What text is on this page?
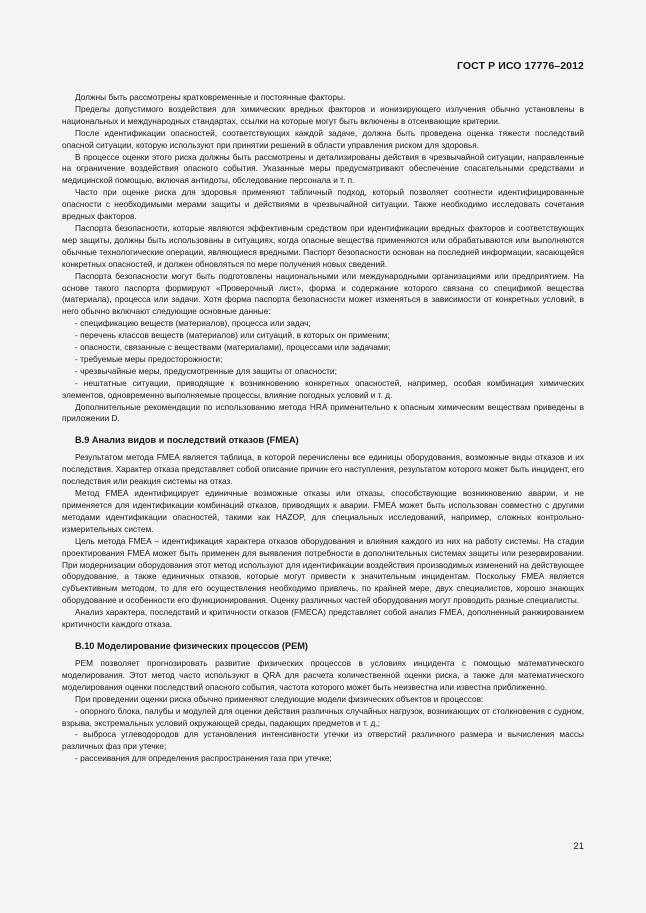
ГОСТ Р ИСО 17776–2012

Должны быть рассмотрены кратковременные и постоянные факторы.

Пределы допустимого воздействия для химических вредных факторов и ионизирующего излучения обычно установлены в национальных и международных стандартах, ссылки на которые могут быть включены в отсеивающие критерии.

После идентификации опасностей, соответствующих каждой задаче, должна быть проведена оценка тяжести последствий опасной ситуации, которую используют при принятии решений в области управления риском для здоровья.

В процессе оценки этого риска должны быть рассмотрены и детализированы действия в чрезвычайной ситуации, направленные на ограничение воздействия опасного события. Указанные меры предусматривают обеспечение спасательными средствами и медицинской помощью, включая антидоты, обследование персонала и т. п.

Часто при оценке риска для здоровья применяют табличный подход, который позволяет соотнести идентифицированные опасности с необходимыми мерами защиты и действиями в чрезвычайной ситуации. Также необходимо исследовать сочетания вредных факторов.

Паспорта безопасности, которые являются эффективным средством при идентификации вредных факторов и соответствующих мер защиты, должны быть использованы в ситуациях, когда опасные вещества применяются или обрабатываются или выполняются обычные технологические операции, являющиеся вредными. Паспорт безопасности основан на последней информации, касающейся конкретных опасностей, и должен обновляться по мере получения новых сведений.

Паспорта безопасности могут быть подготовлены национальными или международными организациями или предприятием. На основе такого паспорта формируют «Проверочный лист», форма и содержание которого связана со спецификой вещества (материала), процесса или задачи. Хотя форма паспорта безопасности может изменяться в зависимости от конкретных условий, в него обычно включают следующие основные данные:

- спецификацию веществ (материалов), процесса или задач;

- перечень классов веществ (материалов) или ситуаций, в которых он применим;

- опасности, связанные с веществами (материалами), процессами или задачами;

- требуемые меры предосторожности;

- чрезвычайные меры, предусмотренные для защиты от опасности;

- нештатные ситуации, приводящие к возникновению конкретных опасностей, например, особая комбинация химических элементов, одновременно выполняемые процессы, влияние погодных условий и т. д.

Дополнительные рекомендации по использованию метода HRA применительно к опасным химическим веществам приведены в приложении D.

B.9 Анализ видов и последствий отказов (FMEA)

Результатом метода FMEA является таблица, в которой перечислены все единицы оборудования, возможные виды отказов и их последствия. Характер отказа представляет собой описание причин его наступления, результатом которого может быть инцидент, его последствия или реакция системы на отказ.

Метод FMEA идентифицирует единичные возможные отказы или отказы, способствующие возникновению аварии, и не применяется для идентификации комбинаций отказов, приводящих к аварии. FMEA может быть использован совместно с другими методами идентификации опасностей, такими как HAZOP, для специальных исследований, например, сложных контрольно-измерительных систем.

Цель метода FMEA – идентификация характера отказов оборудования и влияния каждого из них на работу системы. На стадии проектирования FMEA может быть применен для выявления потребности в дополнительных системах защиты или резервировании. При модернизации оборудования этот метод используют для идентификации воздействия производимых изменений на действующее оборудование, а также единичных отказов, которые могут привести к значительным инцидентам. Поскольку FMEA является субъективным методом, то для его осуществления необходимо привлечь, по крайней мере, двух специалистов, хорошо знающих оборудование и особенности его функционирования. Оценку различных частей оборудования могут проводить разные специалисты.

Анализ характера, последствий и критичности отказов (FMECA) представляет собой анализ FMEA, дополненный ранжированием критичности каждого отказа.

B.10 Моделирование физических процессов (PEM)

PEM позволяет прогнозировать развитие физических процессов в условиях инцидента с помощью математического моделирования. Этот метод часто используют в QRA для расчета количественной оценки риска, а также для математического моделирования оценки последствий опасного события, частота которого может быть неизвестна или известна приближенно.

При проведении оценки риска обычно применяют следующие модели физических объектов и процессов:

- опорного блока, палубы и модулей для оценки действия различных случайных нагрузок, возникающих от столкновения с судном, взрыва, экстремальных условий окружающей среды, падающих предметов и т. д.;

- выброса углеводородов для установления интенсивности утечки из отверстий различного размера и вычисления массы различных фаз при утечке;

- рассеивания для определения распространения газа при утечке;

21
